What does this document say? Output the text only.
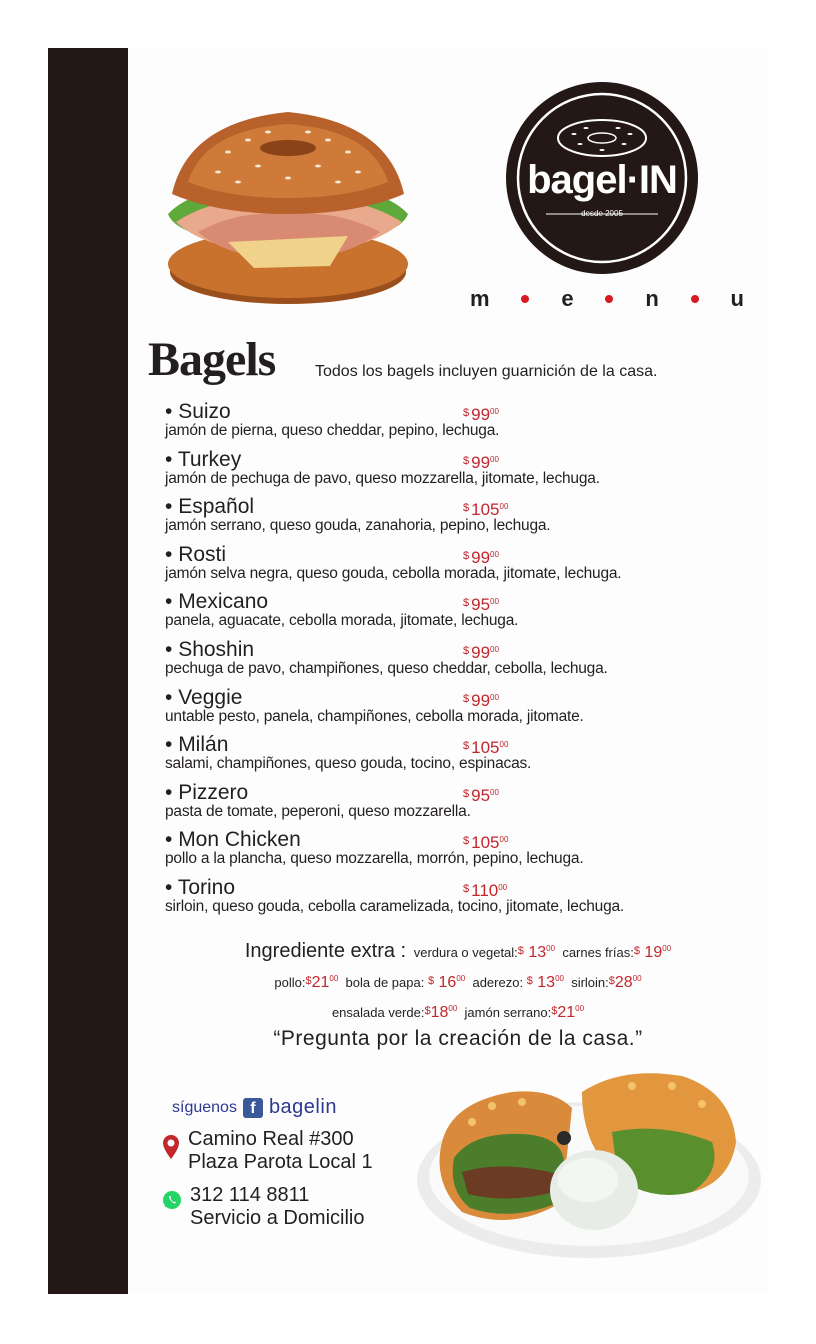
bagel·IN
desde 2005
m	e	n	u
Bagels Todos los bagels incluyen guarnición de la casa.
• Suizo	$ $99^{00}$
jamón de pierna, queso cheddar, pepino, lechuga.
• Turkey	$ $99^{00}$
jamón de pechuga de pavo, queso mozzarella, jitomate, lechuga.
• Español	$ $105^{00}$
jamón serrano, queso gouda, zanahoria, pepino, lechuga.
• Rosti	$ $99^{00}$
jamón selva negra, queso gouda, cebolla morada, jitomate, lechuga.
• Mexicano	$ $95^{00}$
panela, aguacate, cebolla morada, jitomate, lechuga.
• Shoshin	$ $99^{00}$
pechuga de pavo, champiñones, queso cheddar, cebolla, lechuga.
• Veggie	$ $99^{00}$
untable pesto, panela, champiñones, cebolla morada, jitomate.
• Milán	$ $105^{00}$
salami, champiñones, queso gouda, tocino, espinacas.
• Pizzero	$ $95^{00}$
pasta de tomate, peperoni, queso mozzarella.
• Mon Chicken	$ $105^{00}$
pollo a la plancha, queso mozzarella, morrón, pepino, lechuga.
• Torino	$ $110^{00}$
sirloin, queso gouda, cebolla caramelizada, tocino, jitomate, lechuga.
Ingrediente extra : verdura o vegetal:$ $13^{00}$ carnes frías:$ $19^{00}$
$pollo:\$21^{00}$ bola de papa: $ $16^{00}$ aderezo: $ $13^{00}$ $sirloin:\$28^{00}$
ensalada $verde:\$18^{00}$ jamón $serrano:\$21^{00}$
“Pregunta por la creación de la casa.”
síguenos f bagelin
Camino Real #300
Plaza Parota Local 1
312 114 8811
Servicio a Domicilio
